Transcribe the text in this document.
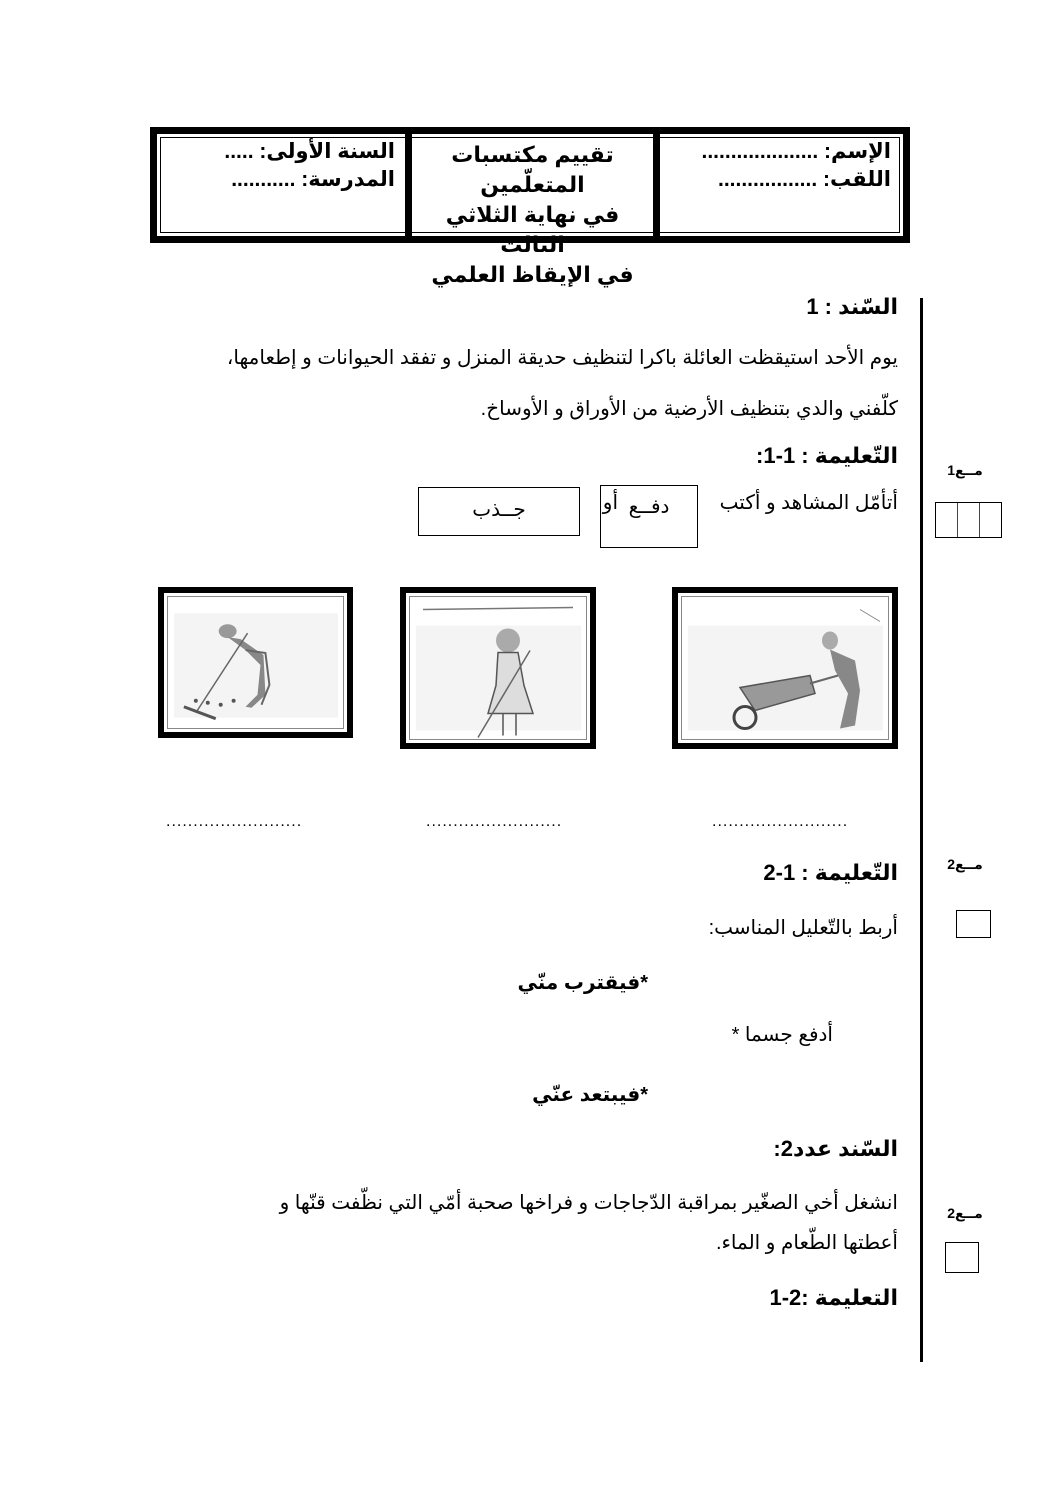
الإسم: ....................
اللقب: .................
تقييم مكتسبات المتعلّمين
في نهاية الثلاثي الثالث
في الإيقاظ العلمي
السنة الأولى: .....
المدرسة: ...........
السّند : 1
يوم الأحد استيقظت العائلة باكرا لتنظيف حديقة المنزل و تفقد الحيوانات و إطعامها،
كلّفني والدي بتنظيف الأرضية من الأوراق و الأوساخ.
التّعليمة : 1-1:
أتأمّل المشاهد و أكتب
دفــع
أو
جــذب
مــع1
.........................	.........................	.........................
التّعليمة : 1-2
أربط بالتّعليل المناسب:
مــع2
*فيقترب منّي
أدفع جسما *
*فيبتعد عنّي
السّند عدد2:
انشغل أخي الصغّير بمراقبة الدّجاجات و فراخها صحبة أمّي التي نظّفت قنّها و
أعطتها الطّعام و الماء.
مــع2
التعليمة :2-1
